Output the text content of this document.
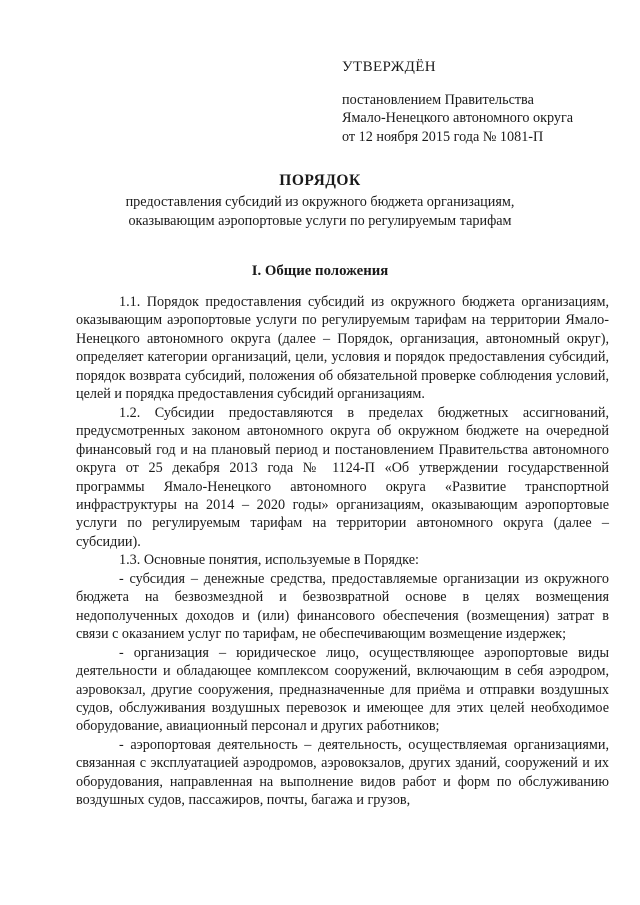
УТВЕРЖДЁН
постановлением Правительства
Ямало-Ненецкого автономного округа
от 12 ноября 2015 года № 1081-П
ПОРЯДОК
предоставления субсидий из окружного бюджета организациям,
оказывающим аэропортовые услуги по регулируемым тарифам
I. Общие положения

1.1. Порядок предоставления субсидий из окружного бюджета организациям, оказывающим аэропортовые услуги по регулируемым тарифам на территории Ямало-Ненецкого автономного округа (далее – Порядок, организация, автономный округ), определяет категории организаций, цели, условия и порядок предоставления субсидий, порядок возврата субсидий, положения об обязательной проверке соблюдения условий, целей и порядка предоставления субсидий организациям.

1.2. Субсидии предоставляются в пределах бюджетных ассигнований, предусмотренных законом автономного округа об окружном бюджете на очередной финансовый год и на плановый период и постановлением Правительства автономного округа от 25 декабря 2013 года № 1124-П «Об утверждении государственной программы Ямало-Ненецкого автономного округа «Развитие транспортной инфраструктуры на 2014 – 2020 годы» организациям, оказывающим аэропортовые услуги по регулируемым тарифам на территории автономного округа (далее – субсидии).

1.3. Основные понятия, используемые в Порядке:

- субсидия – денежные средства, предоставляемые организации из окружного бюджета на безвозмездной и безвозвратной основе в целях возмещения недополученных доходов и (или) финансового обеспечения (возмещения) затрат в связи с оказанием услуг по тарифам, не обеспечивающим возмещение издержек;

- организация – юридическое лицо, осуществляющее аэропортовые виды деятельности и обладающее комплексом сооружений, включающим в себя аэродром, аэровокзал, другие сооружения, предназначенные для приёма и отправки воздушных судов, обслуживания воздушных перевозок и имеющее для этих целей необходимое оборудование, авиационный персонал и других работников;

- аэропортовая деятельность – деятельность, осуществляемая организациями, связанная с эксплуатацией аэродромов, аэровокзалов, других зданий, сооружений и их оборудования, направленная на выполнение видов работ и форм по обслуживанию воздушных судов, пассажиров, почты, багажа и грузов,
